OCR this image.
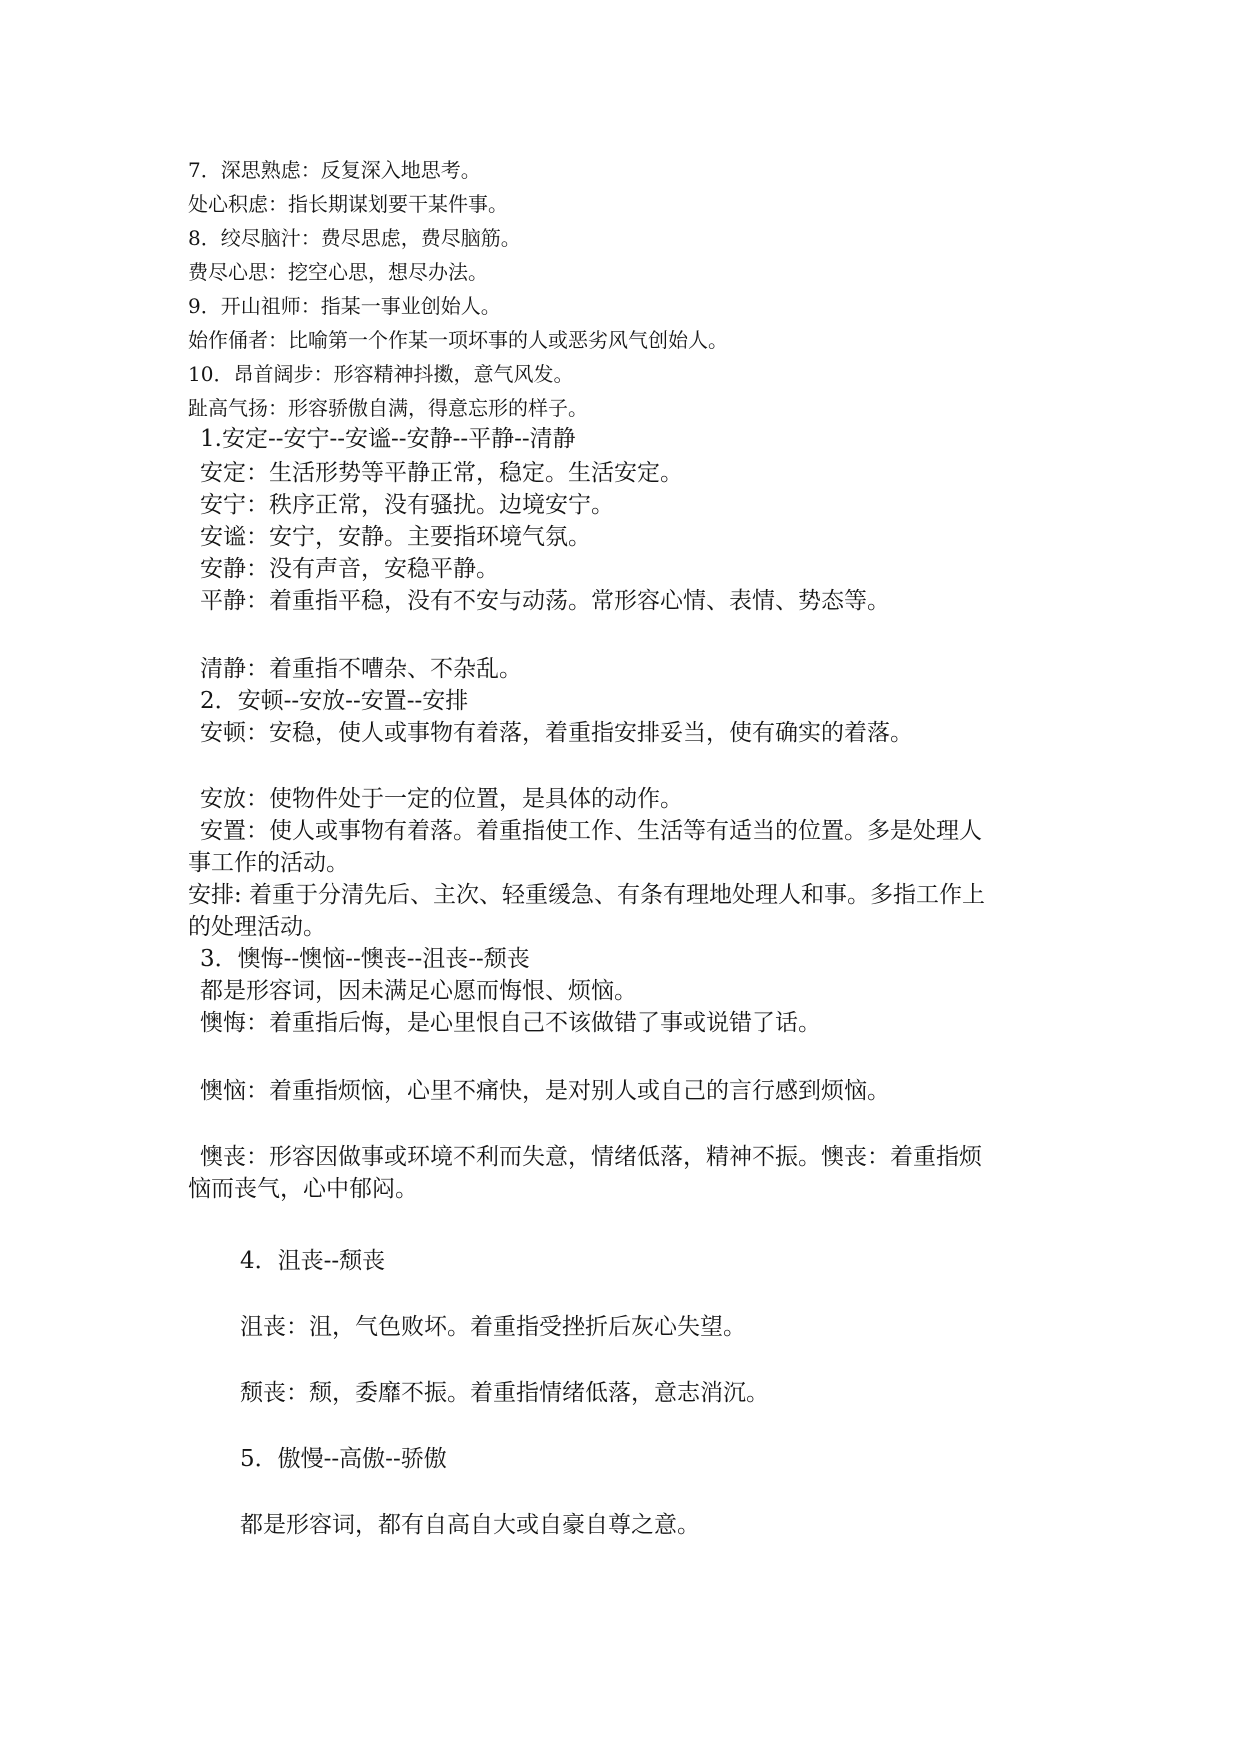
7．深思熟虑：反复深入地思考。
处心积虑：指长期谋划要干某件事。
8．绞尽脑汁：费尽思虑，费尽脑筋。
费尽心思：挖空心思，想尽办法。
9．开山祖师：指某一事业创始人。
始作俑者：比喻第一个作某一项坏事的人或恶劣风气创始人。
10．昂首阔步：形容精神抖擞，意气风发。
趾高气扬：形容骄傲自满，得意忘形的样子。
1.安定--安宁--安谧--安静--平静--清静
安定：生活形势等平静正常，稳定。生活安定。
安宁：秩序正常，没有骚扰。边境安宁。
安谧：安宁，安静。主要指环境气氛。
安静：没有声音，安稳平静。
平静：着重指平稳，没有不安与动荡。常形容心情、表情、势态等。
清静：着重指不嘈杂、不杂乱。
2．安顿--安放--安置--安排
安顿：安稳，使人或事物有着落，着重指安排妥当，使有确实的着落。
安放：使物件处于一定的位置，是具体的动作。
安置：使人或事物有着落。着重指使工作、生活等有适当的位置。多是处理人
事工作的活动。
安排: 着重于分清先后、主次、轻重缓急、有条有理地处理人和事。多指工作上
的处理活动。
3．懊悔--懊恼--懊丧--沮丧--颓丧
都是形容词，因未满足心愿而悔恨、烦恼。
懊悔：着重指后悔，是心里恨自己不该做错了事或说错了话。
懊恼：着重指烦恼，心里不痛快，是对别人或自己的言行感到烦恼。
懊丧：形容因做事或环境不利而失意，情绪低落，精神不振。懊丧：着重指烦
恼而丧气，心中郁闷。
4．沮丧--颓丧
沮丧：沮，气色败坏。着重指受挫折后灰心失望。
颓丧：颓，委靡不振。着重指情绪低落，意志消沉。
5．傲慢--高傲--骄傲
都是形容词，都有自高自大或自豪自尊之意。
